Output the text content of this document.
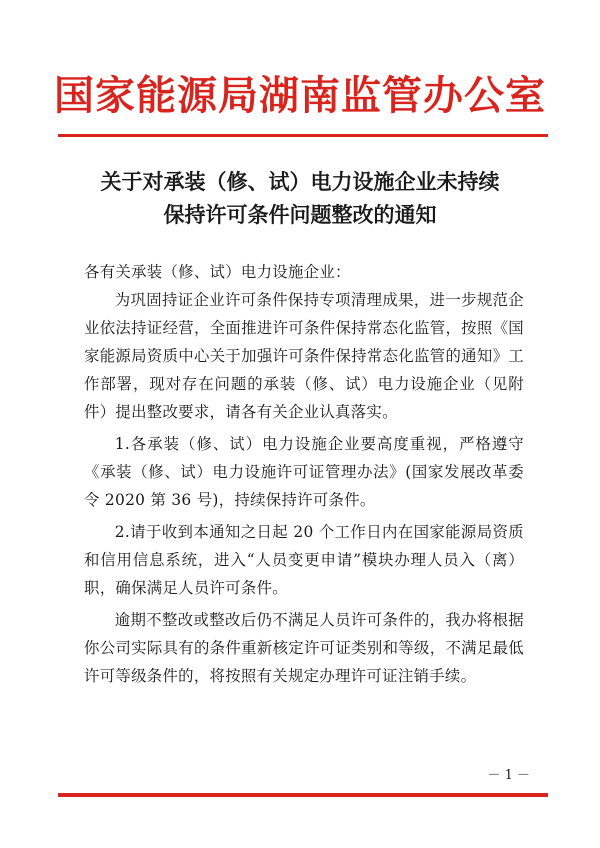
国家能源局湖南监管办公室
关于对承装（修、试）电力设施企业未持续
保持许可条件问题整改的通知

各有关承装（修、试）电力设施企业：

为巩固持证企业许可条件保持专项清理成果，进一步规范企业依法持证经营，全面推进许可条件保持常态化监管，按照《国家能源局资质中心关于加强许可条件保持常态化监管的通知》工作部署，现对存在问题的承装（修、试）电力设施企业（见附件）提出整改要求，请各有关企业认真落实。

1.各承装（修、试）电力设施企业要高度重视，严格遵守《承装（修、试）电力设施许可证管理办法》(国家发展改革委令 2020 第 36 号)，持续保持许可条件。

2.请于收到本通知之日起 20 个工作日内在国家能源局资质和信用信息系统，进入“人员变更申请”模块办理人员入（离）职，确保满足人员许可条件。

逾期不整改或整改后仍不满足人员许可条件的，我办将根据你公司实际具有的条件重新核定许可证类别和等级，不满足最低许可等级条件的，将按照有关规定办理许可证注销手续。

－ 1 －
